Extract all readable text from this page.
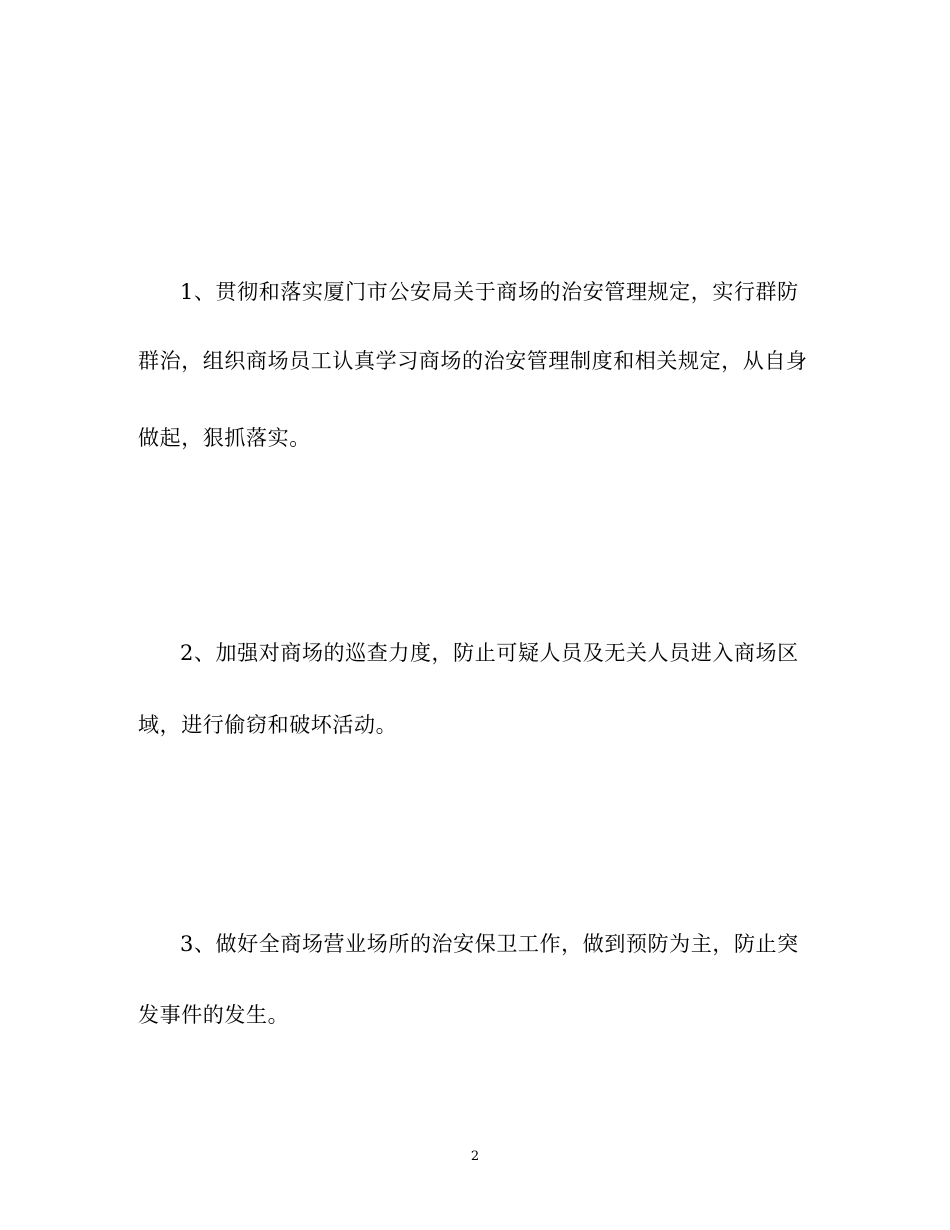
1、贯彻和落实厦门市公安局关于商场的治安管理规定，实行群防
群治，组织商场员工认真学习商场的治安管理制度和相关规定，从自身
做起，狠抓落实。
2、加强对商场的巡查力度，防止可疑人员及无关人员进入商场区
域，进行偷窃和破坏活动。
3、做好全商场营业场所的治安保卫工作，做到预防为主，防止突
发事件的发生。
2
